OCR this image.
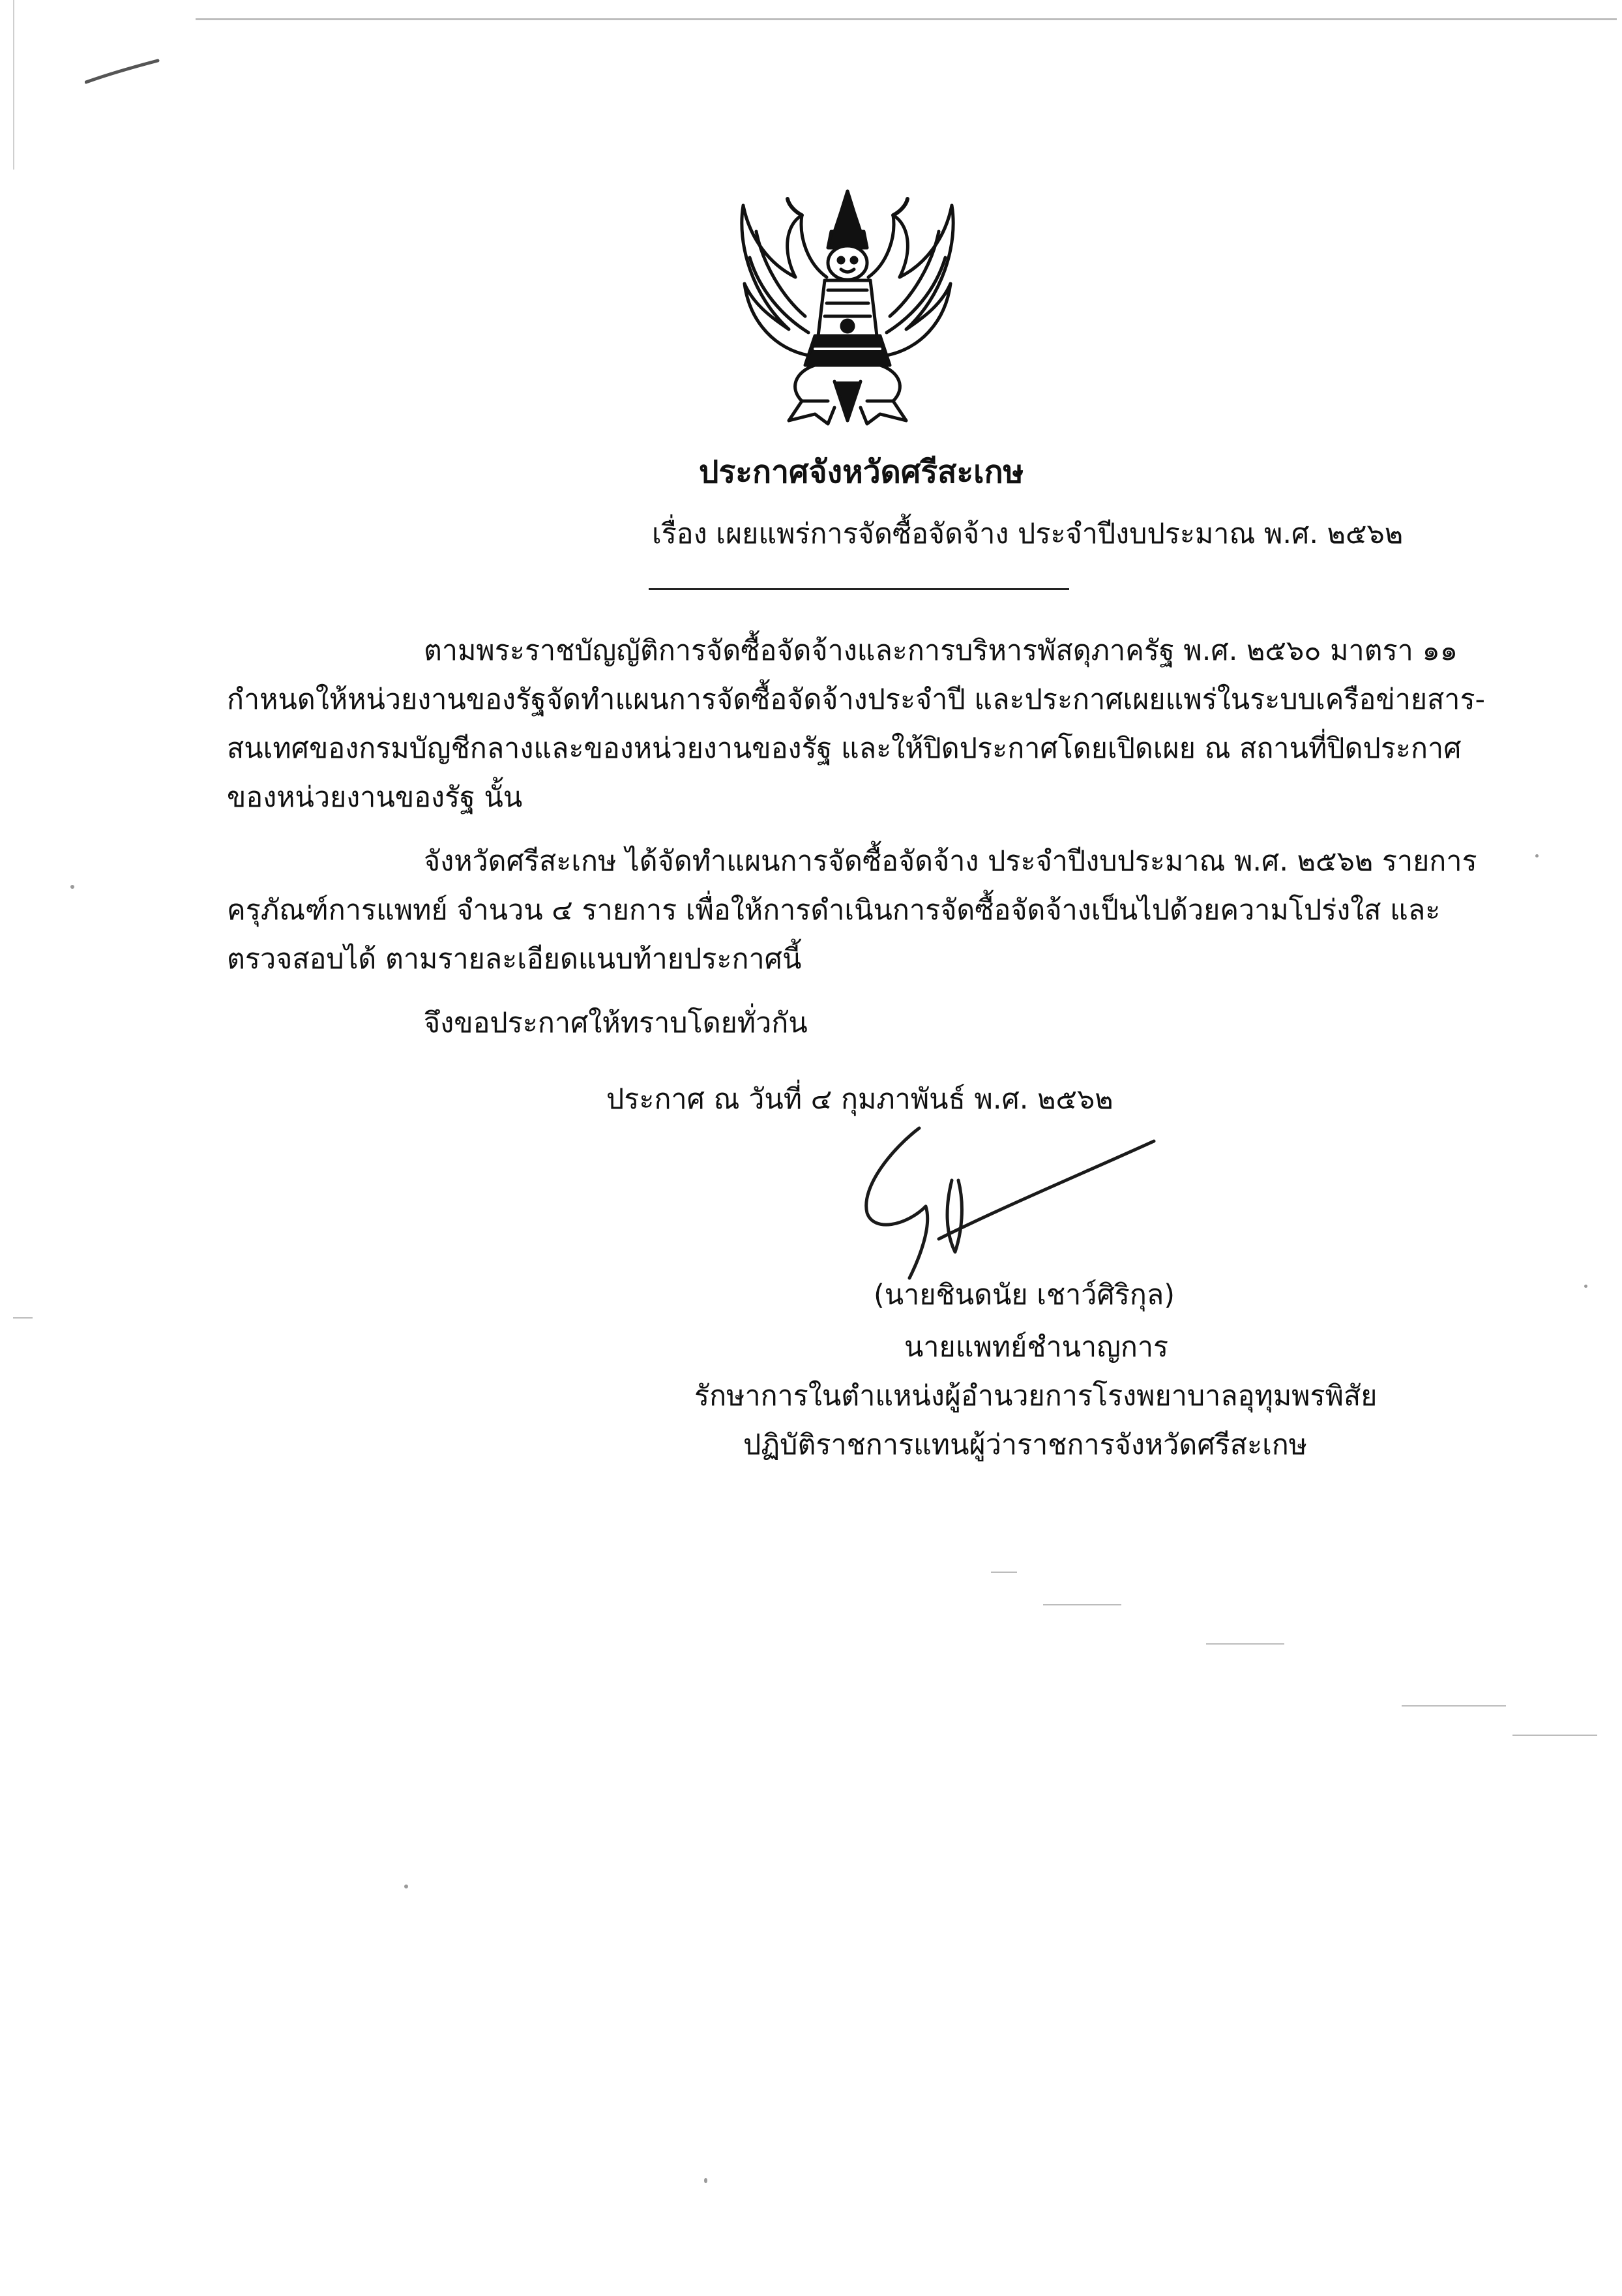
ประกาศจังหวัดศรีสะเกษ
เรื่อง เผยแพร่การจัดซื้อจัดจ้าง ประจำปีงบประมาณ พ.ศ. ๒๕๖๒
ตามพระราชบัญญัติการจัดซื้อจัดจ้างและการบริหารพัสดุภาครัฐ พ.ศ. ๒๕๖๐ มาตรา ๑๑
กำหนดให้หน่วยงานของรัฐจัดทำแผนการจัดซื้อจัดจ้างประจำปี และประกาศเผยแพร่ในระบบเครือข่ายสาร-
สนเทศของกรมบัญชีกลางและของหน่วยงานของรัฐ และให้ปิดประกาศโดยเปิดเผย ณ สถานที่ปิดประกาศ
ของหน่วยงานของรัฐ นั้น
จังหวัดศรีสะเกษ ได้จัดทำแผนการจัดซื้อจัดจ้าง ประจำปีงบประมาณ พ.ศ. ๒๕๖๒ รายการ
ครุภัณฑ์การแพทย์ จำนวน ๔ รายการ เพื่อให้การดำเนินการจัดซื้อจัดจ้างเป็นไปด้วยความโปร่งใส และ
ตรวจสอบได้ ตามรายละเอียดแนบท้ายประกาศนี้
จึงขอประกาศให้ทราบโดยทั่วกัน
ประกาศ ณ วันที่ ๔ กุมภาพันธ์ พ.ศ. ๒๕๖๒
(นายชินดนัย เชาว์ศิริกุล)
นายแพทย์ชำนาญการ
รักษาการในตำแหน่งผู้อำนวยการโรงพยาบาลอุทุมพรพิสัย
ปฏิบัติราชการแทนผู้ว่าราชการจังหวัดศรีสะเกษ
